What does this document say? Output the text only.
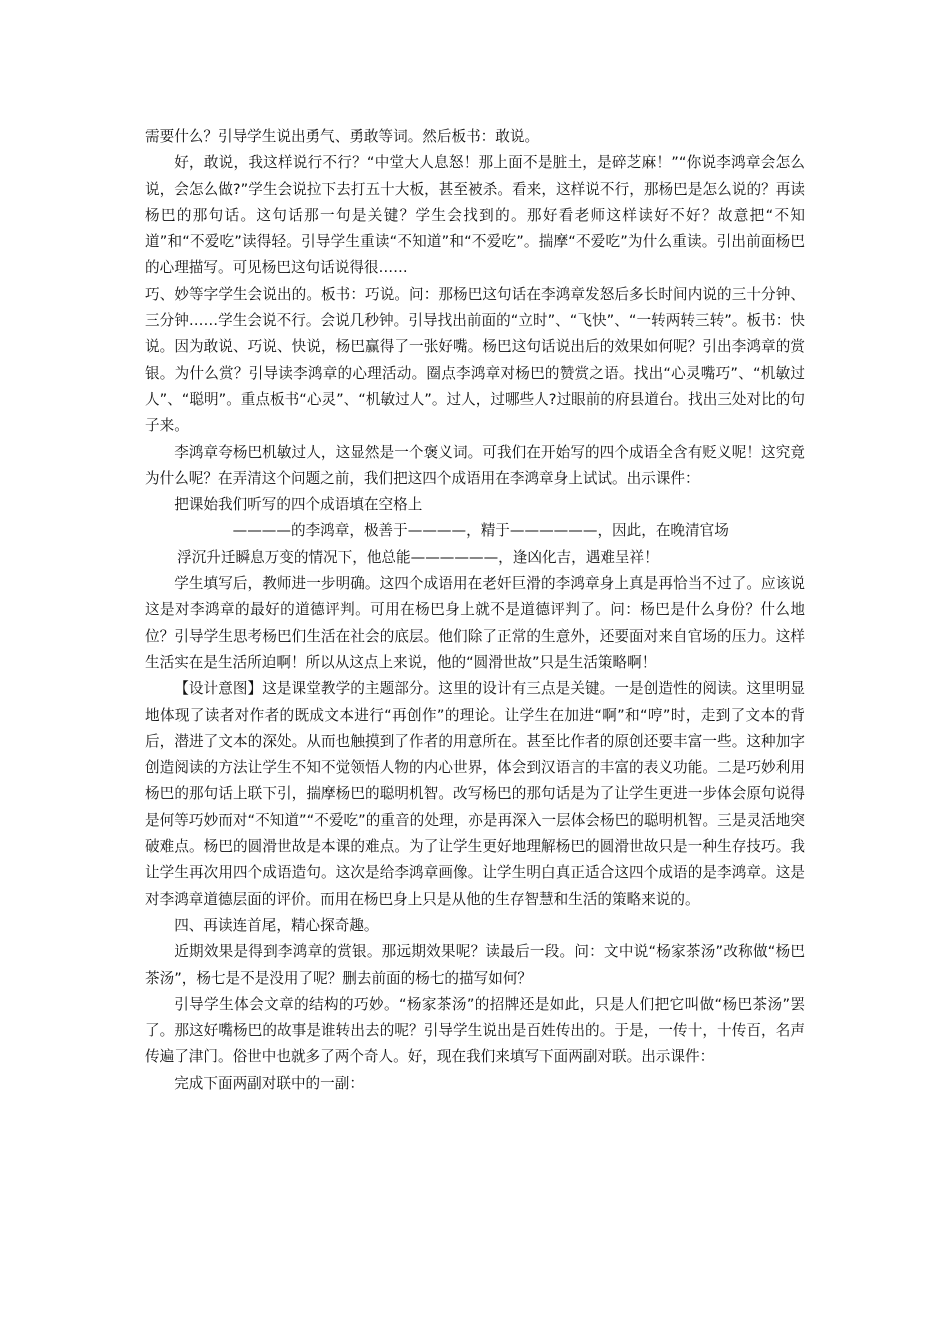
需要什么？引导学生说出勇气、勇敢等词。然后板书：敢说。

好，敢说，我这样说行不行？“中堂大人息怒！那上面不是脏土，是碎芝麻！”“你说李鸿章会怎么说，会怎么做?”学生会说拉下去打五十大板，甚至被杀。看来，这样说不行，那杨巴是怎么说的？再读杨巴的那句话。这句话那一句是关键？学生会找到的。那好看老师这样读好不好？故意把“不知道”和“不爱吃”读得轻。引导学生重读“不知道”和“不爱吃”。揣摩“不爱吃”为什么重读。引出前面杨巴的心理描写。可见杨巴这句话说得很……

巧、妙等字学生会说出的。板书：巧说。问：那杨巴这句话在李鸿章发怒后多长时间内说的三十分钟、三分钟……学生会说不行。会说几秒钟。引导找出前面的“立时”、“飞快”、“一转两转三转”。板书：快说。因为敢说、巧说、快说，杨巴赢得了一张好嘴。杨巴这句话说出后的效果如何呢？引出李鸿章的赏银。为什么赏？引导读李鸿章的心理活动。圈点李鸿章对杨巴的赞赏之语。找出“心灵嘴巧”、“机敏过人”、“聪明”。重点板书“心灵”、“机敏过人”。过人，过哪些人?过眼前的府县道台。找出三处对比的句子来。

李鸿章夸杨巴机敏过人，这显然是一个褒义词。可我们在开始写的四个成语全含有贬义呢！这究竟为什么呢？在弄清这个问题之前，我们把这四个成语用在李鸿章身上试试。出示课件：

把课始我们听写的四个成语填在空格上

————的李鸿章，极善于————，精于——————，因此，在晚清官场

浮沉升迁瞬息万变的情况下，他总能——————，逢凶化吉，遇难呈祥！

学生填写后，教师进一步明确。这四个成语用在老奸巨滑的李鸿章身上真是再恰当不过了。应该说这是对李鸿章的最好的道德评判。可用在杨巴身上就不是道德评判了。问：杨巴是什么身份？什么地位？引导学生思考杨巴们生活在社会的底层。他们除了正常的生意外，还要面对来自官场的压力。这样生活实在是生活所迫啊！所以从这点上来说，他的“圆滑世故”只是生活策略啊！

【设计意图】这是课堂教学的主题部分。这里的设计有三点是关键。一是创造性的阅读。这里明显地体现了读者对作者的既成文本进行“再创作”的理论。让学生在加进“啊”和“哼”时，走到了文本的背后，潜进了文本的深处。从而也触摸到了作者的用意所在。甚至比作者的原创还要丰富一些。这种加字创造阅读的方法让学生不知不觉领悟人物的内心世界，体会到汉语言的丰富的表义功能。二是巧妙利用杨巴的那句话上联下引，揣摩杨巴的聪明机智。改写杨巴的那句话是为了让学生更进一步体会原句说得是何等巧妙而对“不知道”“不爱吃”的重音的处理，亦是再深入一层体会杨巴的聪明机智。三是灵活地突破难点。杨巴的圆滑世故是本课的难点。为了让学生更好地理解杨巴的圆滑世故只是一种生存技巧。我让学生再次用四个成语造句。这次是给李鸿章画像。让学生明白真正适合这四个成语的是李鸿章。这是对李鸿章道德层面的评价。而用在杨巴身上只是从他的生存智慧和生活的策略来说的。

四、再读连首尾，精心探奇趣。

近期效果是得到李鸿章的赏银。那远期效果呢？读最后一段。问：文中说“杨家茶汤”改称做“杨巴茶汤”，杨七是不是没用了呢？删去前面的杨七的描写如何？

引导学生体会文章的结构的巧妙。“杨家茶汤”的招牌还是如此，只是人们把它叫做“杨巴茶汤”罢了。那这好嘴杨巴的故事是谁转出去的呢？引导学生说出是百姓传出的。于是，一传十，十传百，名声传遍了津门。俗世中也就多了两个奇人。好，现在我们来填写下面两副对联。出示课件：

完成下面两副对联中的一副：
